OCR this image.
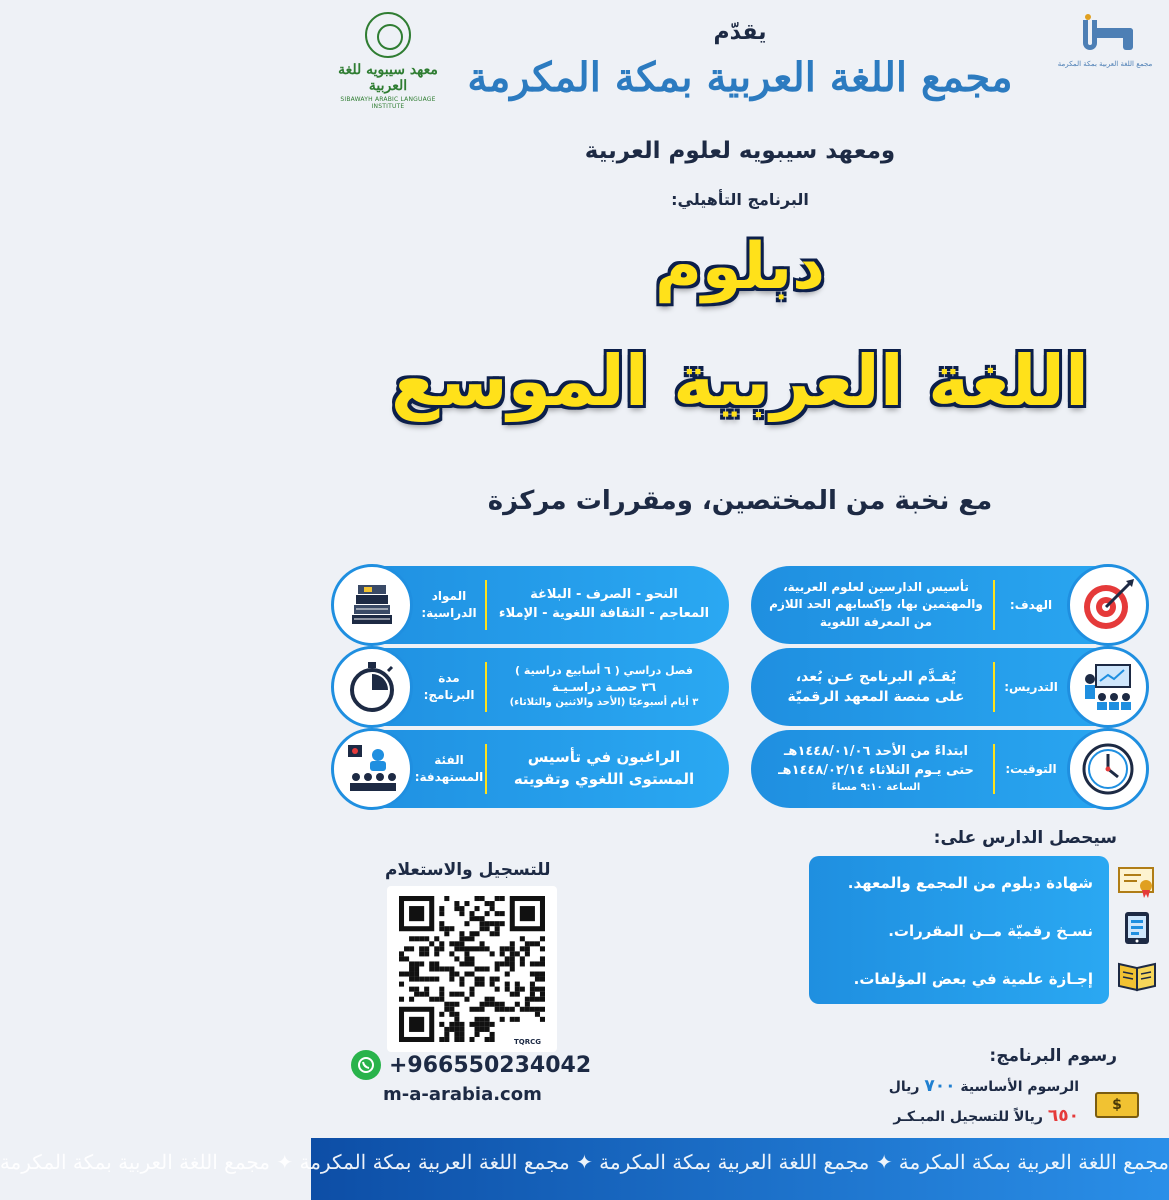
معهد سيبويه للغة العربية
SIBAWAYH ARABIC LANGUAGE INSTITUTE
مجمع اللغة العربية بمكة المكرمة
يقدّم
مجمع اللغة العربية بمكة المكرمة
ومعهد سيبويه لعلوم العربية
البرنامج التأهيلي:
دبلوم
اللغة العربية الموسع
مع نخبة من المختصين، ومقررات مركزة
الهدف:
تأسيس الدارسين لعلوم العربية،
والمهتمين بها، وإكسابهم الحد اللازم
من المعرفة اللغوية
التدريس:
يُقـدَّم البرنامج عـن بُعد،
على منصة المعهد الرقميّة
التوقيت:
ابتداءً من الأحد ١٤٤٨/٠١/٠٦هـ
حتى يـوم الثلاثاء ١٤٤٨/٠٢/١٤هـ
الساعة ٩:١٠ مساءً
المواد الدراسية:
النحو - الصرف - البلاغة
المعاجم - الثقافة اللغوية - الإملاء
مدة البرنامج:
فصل دراسي ( ٦ أسابيع دراسية )
٣٦ حصـة دراسـيـة
٣ أيام أسبوعيًا (الأحد والاثنين والثلاثاء)
الفئة المستهدفة:
الراغبون في تأسيس
المستوى اللغوي وتقويته
سيحصل الدارس على:
شهادة دبلوم من المجمع والمعهد.
نسـخ رقميّة مــن المقررات.
إجـازة علمية في بعض المؤلفات.
رسوم البرنامج:
الرسوم الأساسية ٧٠٠ ريال
٦٥٠ ريالاً للتسجيل المبـكـر
$
للتسجيل والاستعلام
TQRCG
+966550234042
m-a-arabia.com
مجمع اللغة العربية بمكة المكرمة ✦ مجمع اللغة العربية بمكة المكرمة ✦ مجمع اللغة العربية بمكة المكرمة ✦ مجمع اللغة العربية بمكة المكرمة
